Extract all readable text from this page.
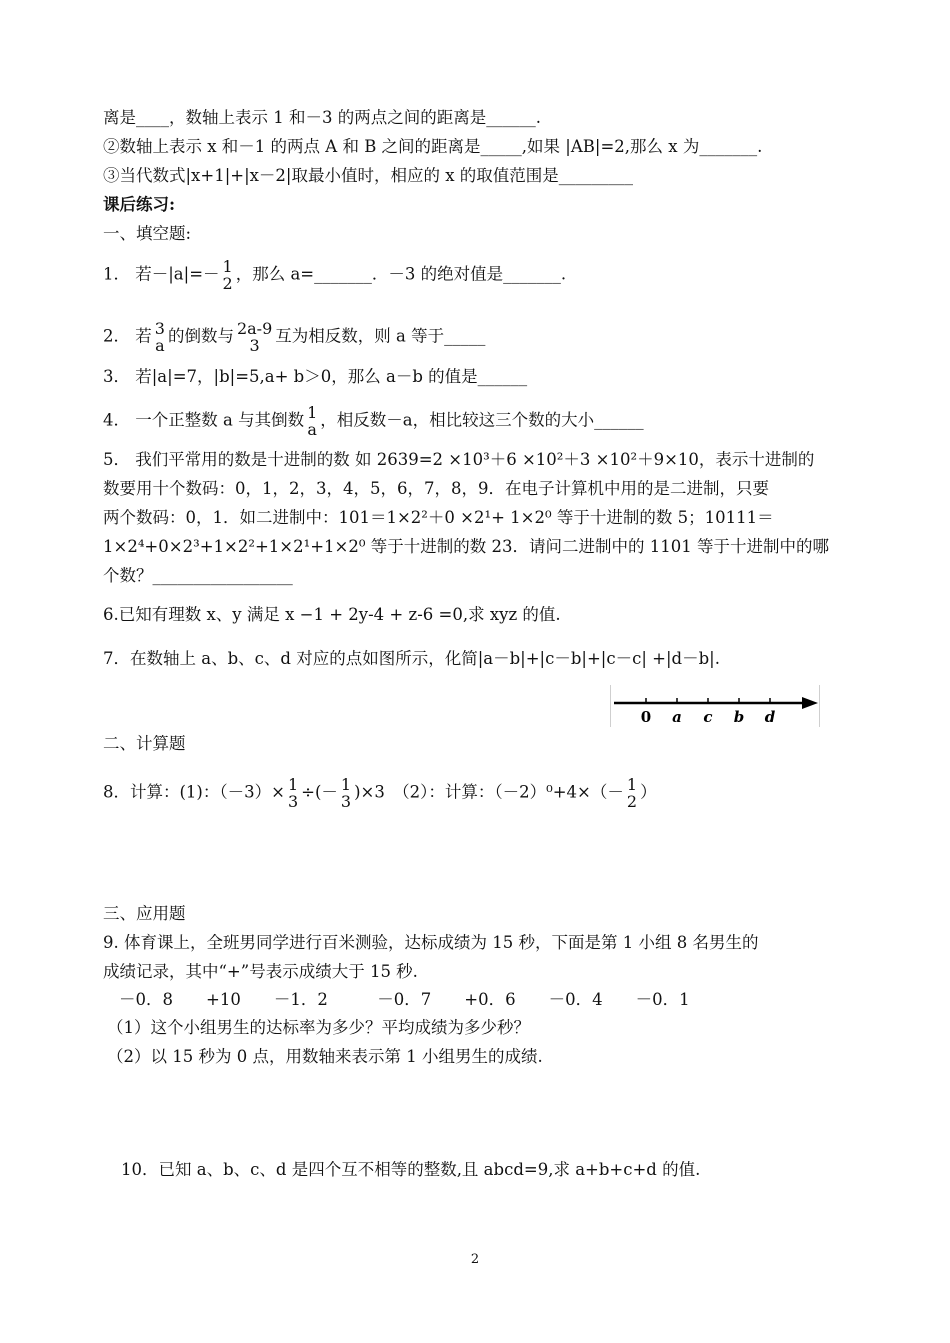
离是____，数轴上表示 1 和－3 的两点之间的距离是______.
②数轴上表示 x 和－1 的两点 A 和 B 之间的距离是_____,如果 |AB|=2,那么 x 为_______.
③当代数式|x+1|+|x－2|取最小值时，相应的 x 的取值范围是_________
课后练习:
一、填空题:
1． 若－|a|=－ 1
2 ，那么 a=_______．－3 的绝对值是_______.
2． 若 3
a 的倒数与 2a-9
3 互为相反数，则 a 等于_____
3． 若|a|=7，|b|=5,a+ b＞0，那么 a－b 的值是______
4． 一个正整数 a 与其倒数 1
a ，相反数－a，相比较这三个数的大小______
5． 我们平常用的数是十进制的数 如 2639=2 ×10³＋6 ×10²＋3 ×10²＋9×10，表示十进制的
数要用十个数码：0，1，2，3，4，5，6，7，8，9．在电子计算机中用的是二进制，只要
两个数码：0，1．如二进制中：101＝1×2²＋0 ×2¹+ 1×2⁰ 等于十进制的数 5；10111＝
1×2⁴+0×2³+1×2²+1×2¹+1×2⁰ 等于十进制的数 23．请问二进制中的 1101 等于十进制中的哪
个数？_________________
6.已知有理数 x、y 满足 x −1 + 2y-4 + z-6 =0,求 xyz 的值.
7．在数轴上 a、b、c、d 对应的点如图所示，化简|a－b|+|c－b|+|c－c| +|d－b|.
0 a c b d
二、计算题
8．计算：(1)：（－3）× 1
3 ÷(－ 1
3 )×3　（2）：计算：（－2）⁰+4×（－ 1
2 ）
三、应用题
9. 体育课上，全班男同学进行百米测验，达标成绩为 15 秒，下面是第 1 小组 8 名男生的
成绩记录，其中“+”号表示成绩大于 15 秒.
－0．8　　+10　　－1．2　　　－0．7　　+0．6　　－0．4　　－0．1
（1）这个小组男生的达标率为多少？平均成绩为多少秒？
（2）以 15 秒为 0 点，用数轴来表示第 1 小组男生的成绩.
10．已知 a、b、c、d 是四个互不相等的整数,且 abcd=9,求 a+b+c+d 的值.
2
